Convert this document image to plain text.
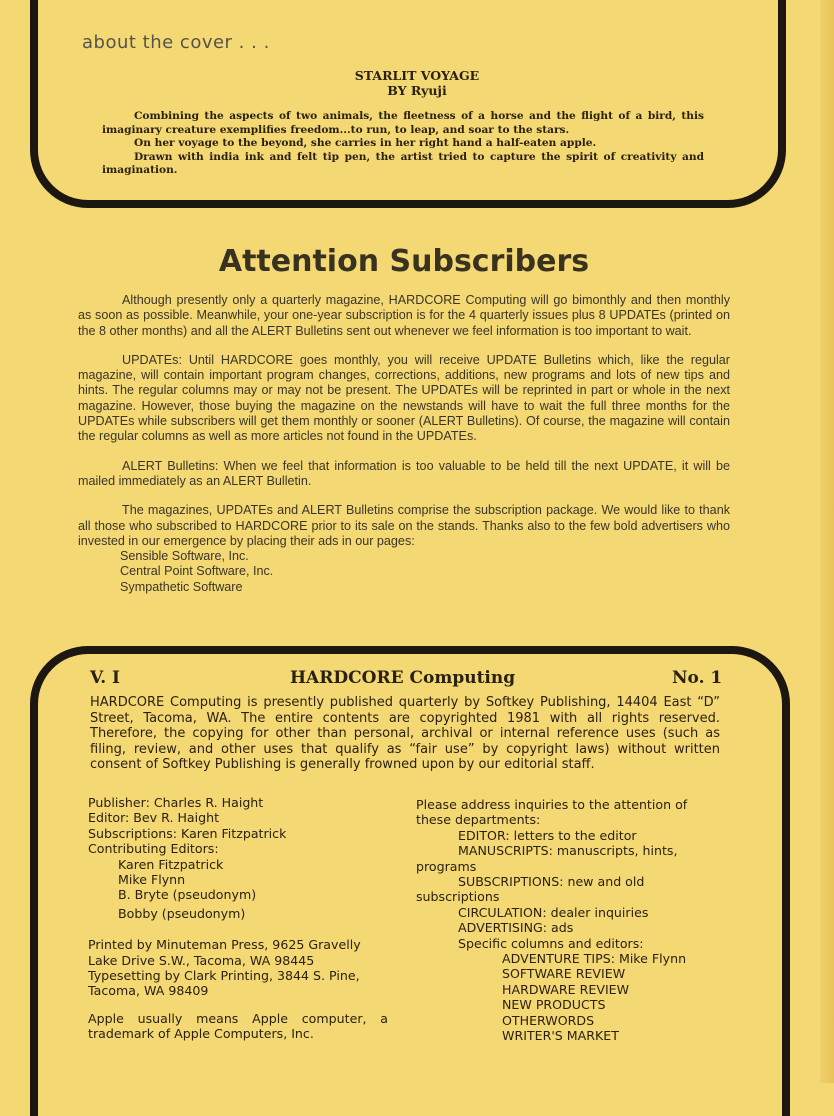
about the cover . . .
STARLIT VOYAGE
BY Ryuji

Combining the aspects of two animals, the fleetness of a horse and the flight of a bird, this imaginary creature exemplifies freedom...to run, to leap, and soar to the stars.

On her voyage to the beyond, she carries in her right hand a half-eaten apple.

Drawn with india ink and felt tip pen, the artist tried to capture the spirit of creativity and imagination.

Attention Subscribers

Although presently only a quarterly magazine, HARDCORE Computing will go bimonthly and then monthly as soon as possible. Meanwhile, your one-year subscription is for the 4 quarterly issues plus 8 UPDATEs (printed on the 8 other months) and all the ALERT Bulletins sent out whenever we feel information is too important to wait.

UPDATEs: Until HARDCORE goes monthly, you will receive UPDATE Bulletins which, like the regular magazine, will contain important program changes, corrections, additions, new programs and lots of new tips and hints. The regular columns may or may not be present. The UPDATEs will be reprinted in part or whole in the next magazine. However, those buying the magazine on the newstands will have to wait the full three months for the UPDATEs while subscribers will get them monthly or sooner (ALERT Bulletins). Of course, the magazine will contain the regular columns as well as more articles not found in the UPDATEs.

ALERT Bulletins: When we feel that information is too valuable to be held till the next UPDATE, it will be mailed immediately as an ALERT Bulletin.

The magazines, UPDATEs and ALERT Bulletins comprise the subscription package. We would like to thank all those who subscribed to HARDCORE prior to its sale on the stands. Thanks also to the few bold advertisers who invested in our emergence by placing their ads in our pages:

Sensible Software, Inc.
Central Point Software, Inc.
Sympathetic Software
V. I	HARDCORE Computing	No. 1
HARDCORE Computing is presently published quarterly by Softkey Publishing, 14404 East “D” Street, Tacoma, WA. The entire contents are copyrighted 1981 with all rights reserved. Therefore, the copying for other than personal, archival or internal reference uses (such as filing, review, and other uses that qualify as “fair use” by copyright laws) without written consent of Softkey Publishing is generally frowned upon by our editorial staff.
Publisher: Charles R. Haight
Editor: Bev R. Haight
Subscriptions: Karen Fitzpatrick
Contributing Editors:
Karen Fitzpatrick
Mike Flynn
B. Bryte (pseudonym)
Bobby (pseudonym)
Printed by Minuteman Press, 9625 Gravelly Lake Drive S.W., Tacoma, WA 98445 Typesetting by Clark Printing, 3844 S. Pine, Tacoma, WA 98409
Apple usually means Apple computer, a trademark of Apple Computers, Inc.
Please address inquiries to the attention of these departments:
EDITOR: letters to the editor
MANUSCRIPTS: manuscripts, hints, programs
SUBSCRIPTIONS: new and old subscriptions
CIRCULATION: dealer inquiries
ADVERTISING: ads
Specific columns and editors:
ADVENTURE TIPS: Mike Flynn
SOFTWARE REVIEW
HARDWARE REVIEW
NEW PRODUCTS
OTHERWORDS
WRITER'S MARKET
